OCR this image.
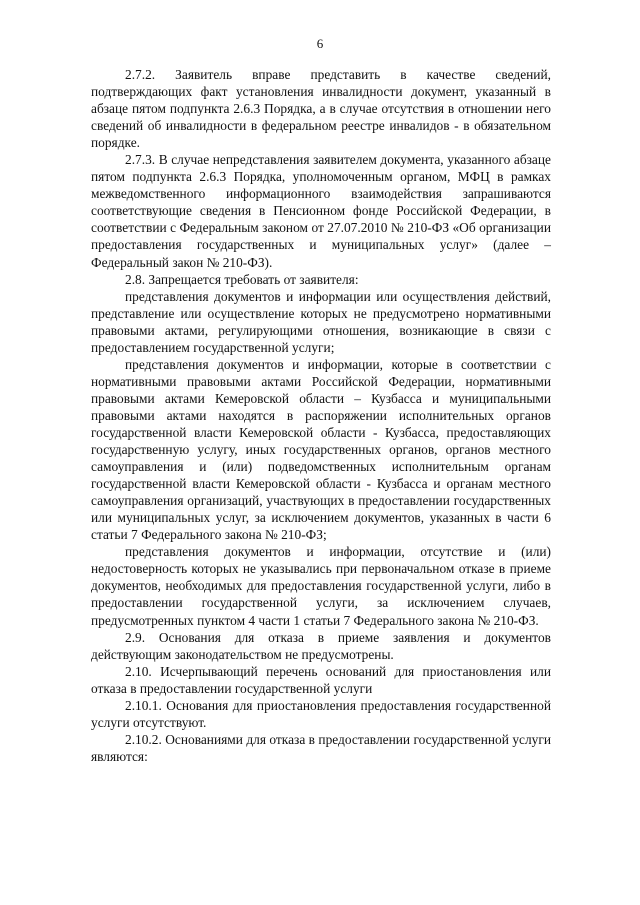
6

2.7.2. Заявитель вправе представить в качестве сведений, подтверждающих факт установления инвалидности документ, указанный в абзаце пятом подпункта 2.6.3 Порядка, а в случае отсутствия в отношении него сведений об инвалидности в федеральном реестре инвалидов - в обязательном порядке.

2.7.3. В случае непредставления заявителем документа, указанного абзаце пятом подпункта 2.6.3 Порядка, уполномоченным органом, МФЦ в рамках межведомственного информационного взаимодействия запрашиваются соответствующие сведения в Пенсионном фонде Российской Федерации, в соответствии с Федеральным законом от 27.07.2010 № 210-ФЗ «Об организации предоставления государственных и муниципальных услуг» (далее – Федеральный закон № 210-ФЗ).

2.8. Запрещается требовать от заявителя:

представления документов и информации или осуществления действий, представление или осуществление которых не предусмотрено нормативными правовыми актами, регулирующими отношения, возникающие в связи с предоставлением государственной услуги;

представления документов и информации, которые в соответствии с нормативными правовыми актами Российской Федерации, нормативными правовыми актами Кемеровской области – Кузбасса и муниципальными правовыми актами находятся в распоряжении исполнительных органов государственной власти Кемеровской области - Кузбасса, предоставляющих государственную услугу, иных государственных органов, органов местного самоуправления и (или) подведомственных исполнительным органам государственной власти Кемеровской области - Кузбасса и органам местного самоуправления организаций, участвующих в предоставлении государственных или муниципальных услуг, за исключением документов, указанных в части 6 статьи 7 Федерального закона № 210-ФЗ;

представления документов и информации, отсутствие и (или) недостоверность которых не указывались при первоначальном отказе в приеме документов, необходимых для предоставления государственной услуги, либо в предоставлении государственной услуги, за исключением случаев, предусмотренных пунктом 4 части 1 статьи 7 Федерального закона № 210-ФЗ.

2.9. Основания для отказа в приеме заявления и документов действующим законодательством не предусмотрены.

2.10. Исчерпывающий перечень оснований для приостановления или отказа в предоставлении государственной услуги

2.10.1. Основания для приостановления предоставления государственной услуги отсутствуют.

2.10.2. Основаниями для отказа в предоставлении государственной услуги являются:
